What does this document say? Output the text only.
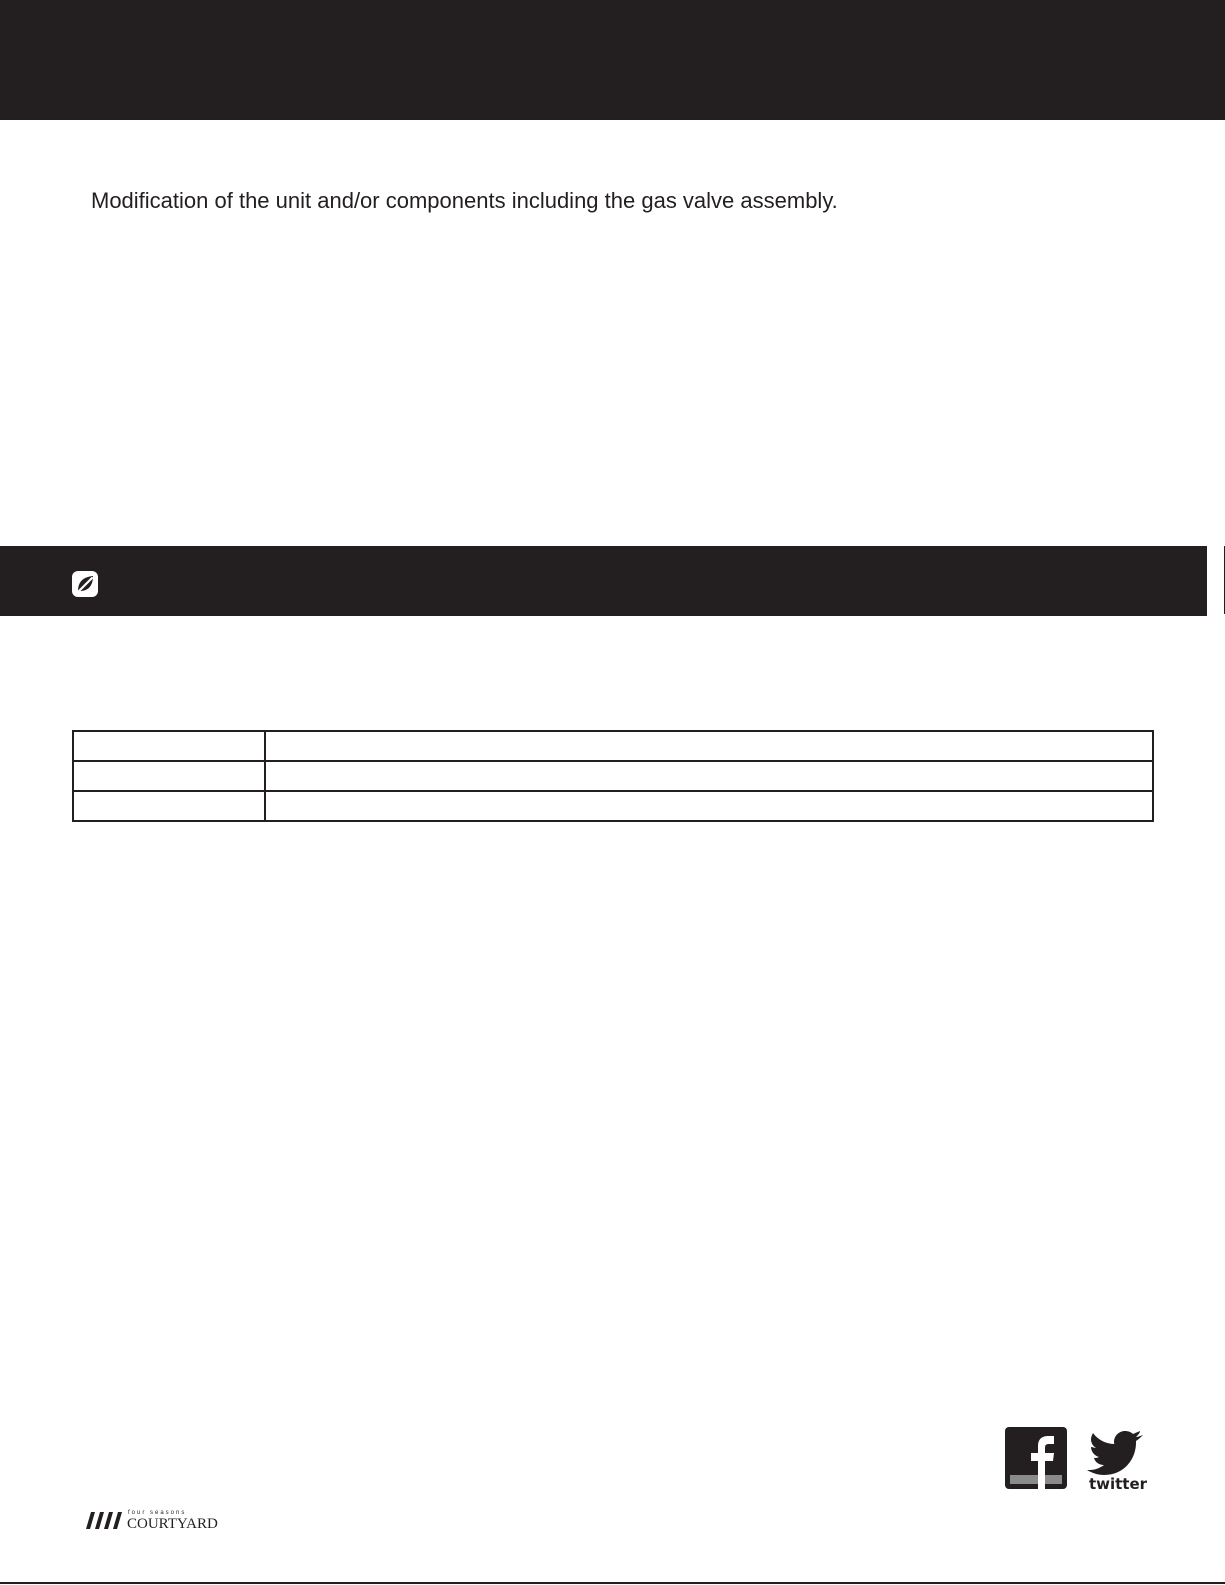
Modification of the unit and/or components including the gas valve assembly.

f
twitter
four seasons
COURTYARD
